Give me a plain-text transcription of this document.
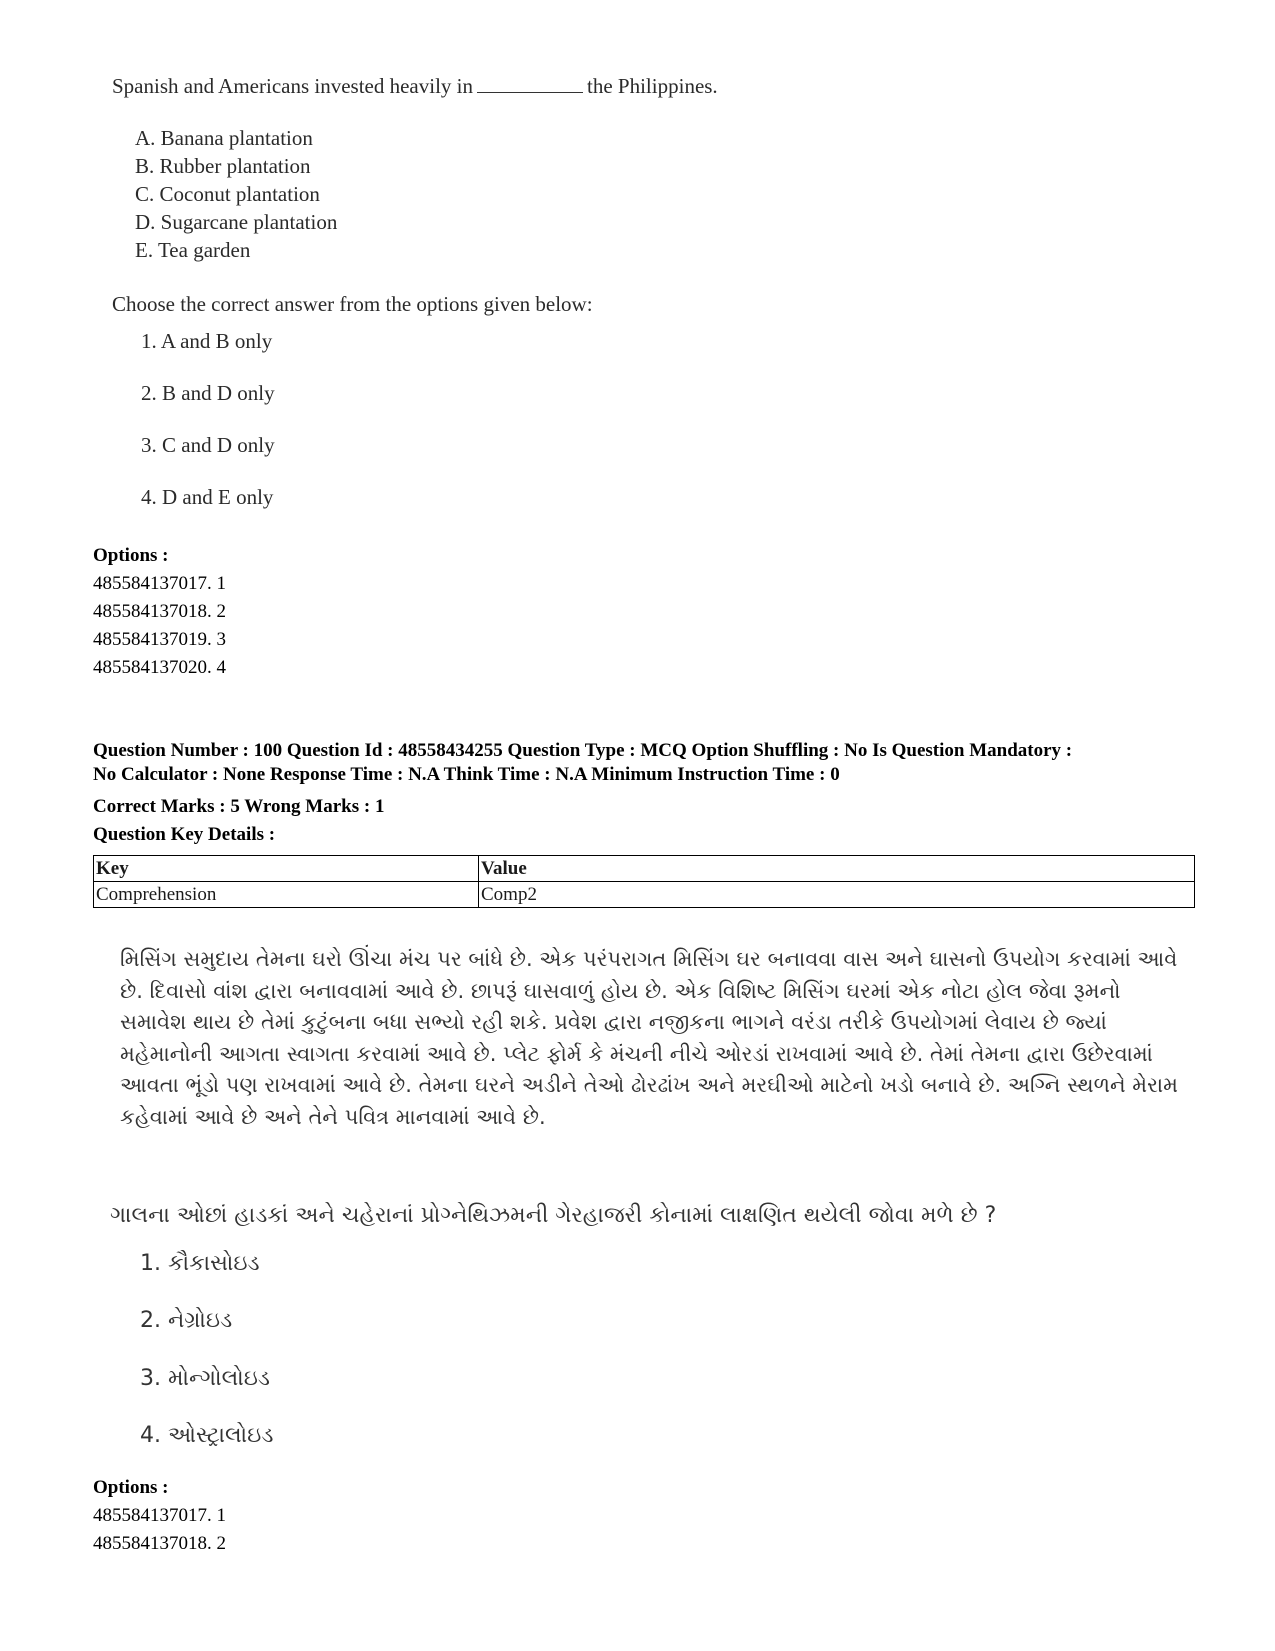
Spanish and Americans invested heavily in	the Philippines.
A. Banana plantation
B. Rubber plantation
C. Coconut plantation
D. Sugarcane plantation
E. Tea garden
Choose the correct answer from the options given below:
1. A and B only
2. B and D only
3. C and D only
4. D and E only
Options :
485584137017. 1
485584137018. 2
485584137019. 3
485584137020. 4
Question Number : 100 Question Id : 48558434255 Question Type : MCQ Option Shuffling : No Is Question Mandatory :
No Calculator : None Response Time : N.A Think Time : N.A Minimum Instruction Time : 0
Correct Marks : 5 Wrong Marks : 1
Question Key Details :
Key	Value
Comprehension	Comp2
મિસિંગ સમુદાય તેમના ઘરો ઊંચા મંચ પર બાંધે છે. એક પરંપરાગત મિસિંગ ઘર બનાવવા વાસ અને ઘાસનો ઉપયોગ કરવામાં આવે છે. દિવાસો વાંશ દ્વારા બનાવવામાં આવે છે. છાપરૂં ઘાસવાળું હોય છે. એક વિશિષ્ટ મિસિંગ ઘરમાં એક નોટા હોલ જેવા રૂમનો સમાવેશ થાય છે તેમાં કુટુંબના બધા સભ્યો રહી શકે. પ્રવેશ દ્વારા નજીકના ભાગને વરંડા તરીકે ઉપયોગમાં લેવાય છે જ્યાં મહેમાનોની આગતા સ્વાગતા કરવામાં આવે છે. પ્લેટ ફોર્મ કે મંચની નીચે ઓરડાં રાખવામાં આવે છે. તેમાં તેમના દ્વારા ઉછેરવામાં આવતા ભૂંડો પણ રાખવામાં આવે છે. તેમના ઘરને અડીને તેઓ ઢોરઢાંખ અને મરઘીઓ માટેનો ખડો બનાવે છે. અગ્નિ સ્થળને મેરામ કહેવામાં આવે છે અને તેને પવિત્ર માનવામાં આવે છે.
ગાલના ઓછાં હાડકાં અને ચહેરાનાં પ્રોગ્નેથિઝમની ગેરહાજરી કોનામાં લાક્ષણિત થયેલી જોવા મળે છે ?
1. કૌકાસોઇડ
2. નેગ્રોઇડ
3. મોન્ગોલોઇડ
4. ઓસ્ટ્રાલોઇડ
Options :
485584137017. 1
485584137018. 2
